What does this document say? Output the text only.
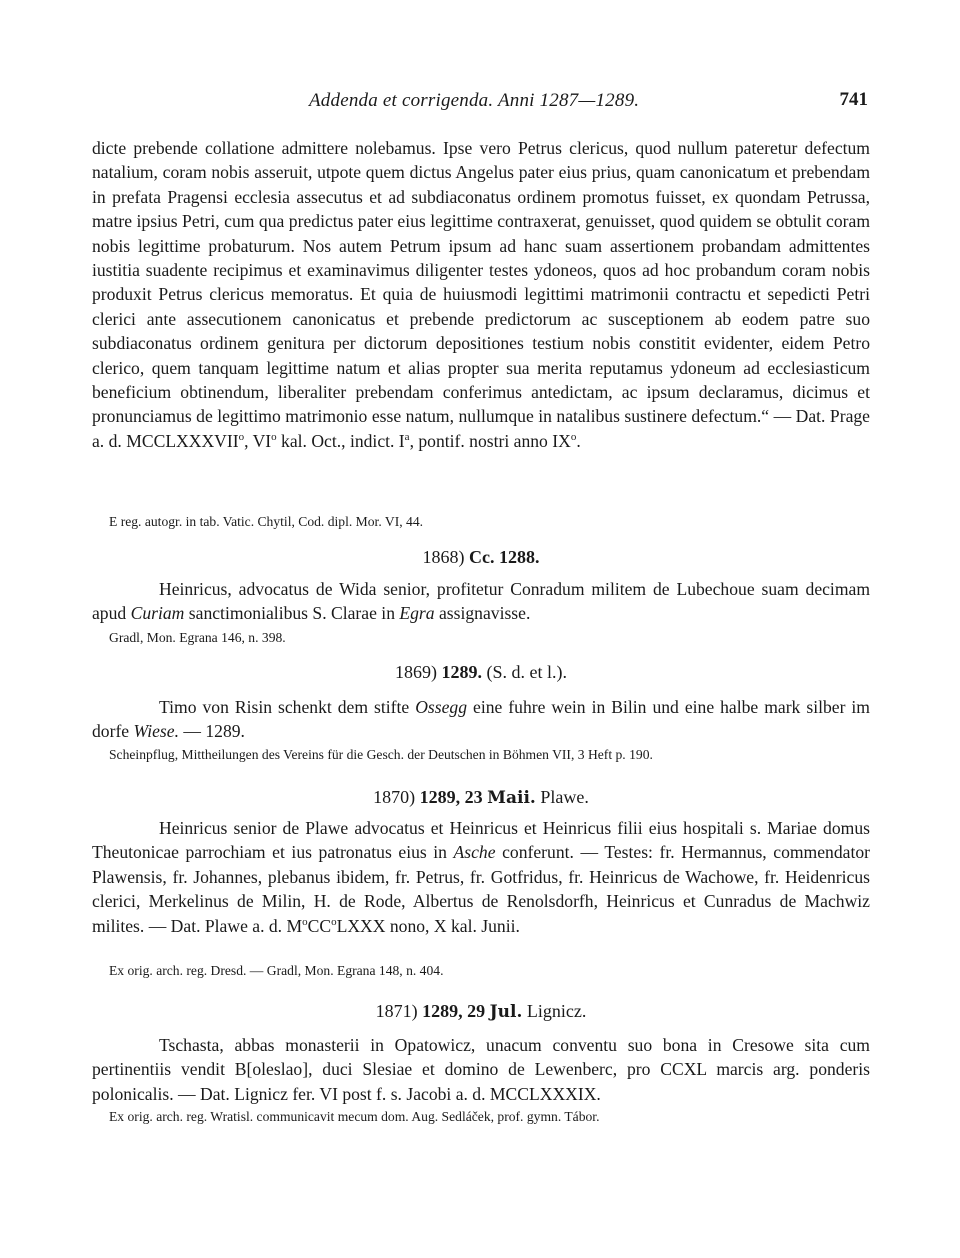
Addenda et corrigenda. Anni 1287—1289.	741

dicte prebende collatione admittere nolebamus. Ipse vero Petrus clericus, quod nullum pateretur defectum natalium, coram nobis asseruit, utpote quem dictus Angelus pater eius prius, quam canonicatum et prebendam in prefata Pragensi ecclesia assecutus et ad subdiaconatus ordinem promotus fuisset, ex quondam Petrussa, matre ipsius Petri, cum qua predictus pater eius legittime contraxerat, genuisset, quod quidem se obtulit coram nobis legittime probaturum. Nos autem Petrum ipsum ad hanc suam assertionem probandam admittentes iustitia suadente recipimus et examinavimus diligenter testes ydoneos, quos ad hoc probandum coram nobis produxit Petrus clericus memoratus. Et quia de huiusmodi legittimi matrimonii contractu et sepedicti Petri clerici ante assecutionem canonicatus et prebende predictorum ac susceptionem ab eodem patre suo subdiaconatus ordinem genitura per dictorum depositiones testium nobis constitit evidenter, eidem Petro clerico, quem tanquam legittime natum et alias propter sua merita reputamus ydoneum ad ecclesiasticum beneficium obtinendum, liberaliter prebendam conferimus antedictam, ac ipsum declaramus, dicimus et pronunciamus de legittimo matrimonio esse natum, nullumque in natalibus sustinere defectum.“ — Dat. Prage a. d. MCCLXXXVII$^o$, $VI^o$ kal. Oct., indict. $I^a$, pontif. nostri anno $IX^o$.

E reg. autogr. in tab. Vatic. Chytil, Cod. dipl. Mor. VI, 44.

1868) Cc. 1288.

Heinricus, advocatus de Wida senior, profitetur Conradum militem de Lubechoue suam decimam apud Curiam sanctimonialibus S. Clarae in Egra assignavisse.

Gradl, Mon. Egrana 146, n. 398.

1869) 1289. (S. d. et l.).

Timo von Risin schenkt dem stifte Ossegg eine fuhre wein in Bilin und eine halbe mark silber im dorfe Wiese. — 1289.

Scheinpflug, Mittheilungen des Vereins für die Gesch. der Deutschen in Böhmen VII, 3 Heft p. 190.

1870) 1289, 23 Maii. Plawe.

Heinricus senior de Plawe advocatus et Heinricus et Heinricus filii eius hospitali s. Mariae domus Theutonicae parrochiam et ius patronatus eius in Asche conferunt. — Testes: fr. Hermannus, commendator Plawensis, fr. Johannes, plebanus ibidem, fr. Petrus, fr. Gotfridus, fr. Heinricus de Wachowe, fr. Heidenricus clerici, Merkelinus de Milin, H. de Rode, Albertus de Renolsdorfh, Heinricus et Cunradus de Machwiz milites. — Dat. Plawe a. d. $M^oCC^oLXXX$ nono, X kal. Junii.

Ex orig. arch. reg. Dresd. — Gradl, Mon. Egrana 148, n. 404.

1871) 1289, 29 Jul. Lignicz.

Tschasta, abbas monasterii in Opatowicz, unacum conventu suo bona in Cresowe sita cum pertinentiis vendit B[oleslao], duci Slesiae et domino de Lewenberc, pro CCXL marcis arg. ponderis polonicalis. — Dat. Lignicz fer. VI post f. s. Jacobi a. d. MCCLXXXIX.

Ex orig. arch. reg. Wratisl. communicavit mecum dom. Aug. Sedláček, prof. gymn. Tábor.
